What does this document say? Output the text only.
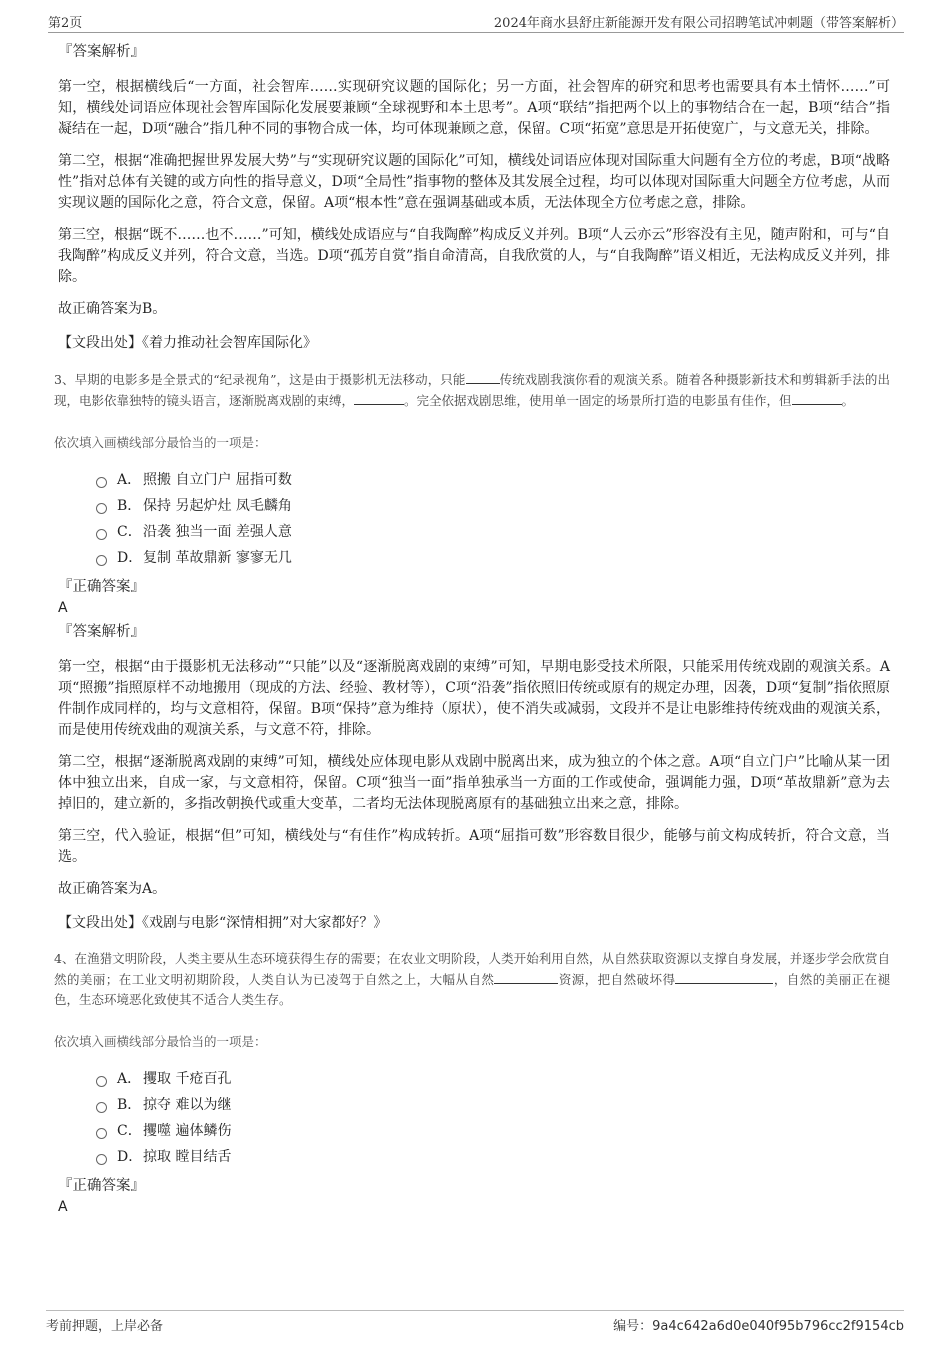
第2页	2024年商水县舒庄新能源开发有限公司招聘笔试冲刺题（带答案解析）
『答案解析』

第一空，根据横线后“一方面，社会智库……实现研究议题的国际化；另一方面，社会智库的研究和思考也需要具有本土情怀……”可知，横线处词语应体现社会智库国际化发展要兼顾“全球视野和本土思考”。A项“联结”指把两个以上的事物结合在一起，B项“结合”指凝结在一起，D项“融合”指几种不同的事物合成一体，均可体现兼顾之意，保留。C项“拓宽”意思是开拓使宽广，与文意无关，排除。

第二空，根据“准确把握世界发展大势”与“实现研究议题的国际化”可知，横线处词语应体现对国际重大问题有全方位的考虑，B项“战略性”指对总体有关键的或方向性的指导意义，D项“全局性”指事物的整体及其发展全过程，均可以体现对国际重大问题全方位考虑，从而实现议题的国际化之意，符合文意，保留。A项“根本性”意在强调基础或本质，无法体现全方位考虑之意，排除。

第三空，根据“既不……也不……”可知，横线处成语应与“自我陶醉”构成反义并列。B项“人云亦云”形容没有主见，随声附和，可与“自我陶醉”构成反义并列，符合文意，当选。D项“孤芳自赏”指自命清高，自我欣赏的人，与“自我陶醉”语义相近，无法构成反义并列，排除。

故正确答案为B。

【文段出处】《着力推动社会智库国际化》
3、早期的电影多是全景式的“纪录视角”，这是由于摄影机无法移动，只能	传统戏剧我演你看的观演关系。随着各种摄影新技术和剪辑新手法的出现，电影依靠独特的镜头语言，逐渐脱离戏剧的束缚，	。完全依据戏剧思维，使用单一固定的场景所打造的电影虽有佳作，但	。
依次填入画横线部分最恰当的一项是：
A． 照搬 自立门户 屈指可数
B． 保持 另起炉灶 凤毛麟角
C． 沿袭 独当一面 差强人意
D． 复制 革故鼎新 寥寥无几
『正确答案』
A
『答案解析』

第一空，根据“由于摄影机无法移动”“只能”以及“逐渐脱离戏剧的束缚”可知，早期电影受技术所限，只能采用传统戏剧的观演关系。A项“照搬”指照原样不动地搬用（现成的方法、经验、教材等），C项“沿袭”指依照旧传统或原有的规定办理，因袭，D项“复制”指依照原件制作成同样的，均与文意相符，保留。B项“保持”意为维持（原状），使不消失或减弱，文段并不是让电影维持传统戏曲的观演关系，而是使用传统戏曲的观演关系，与文意不符，排除。

第二空，根据“逐渐脱离戏剧的束缚”可知，横线处应体现电影从戏剧中脱离出来，成为独立的个体之意。A项“自立门户”比喻从某一团体中独立出来，自成一家，与文意相符，保留。C项“独当一面”指单独承当一方面的工作或使命，强调能力强，D项“革故鼎新”意为去掉旧的，建立新的，多指改朝换代或重大变革，二者均无法体现脱离原有的基础独立出来之意，排除。

第三空，代入验证，根据“但”可知，横线处与“有佳作”构成转折。A项“屈指可数”形容数目很少，能够与前文构成转折，符合文意，当选。

故正确答案为A。

【文段出处】《戏剧与电影“深情相拥”对大家都好？》
4、在渔猎文明阶段，人类主要从生态环境获得生存的需要；在农业文明阶段，人类开始利用自然，从自然获取资源以支撑自身发展，并逐步学会欣赏自然的美丽；在工业文明初期阶段，人类自认为已凌驾于自然之上，大幅从自然	资源，把自然破坏得	，自然的美丽正在褪色，生态环境恶化致使其不适合人类生存。
依次填入画横线部分最恰当的一项是：
A． 攫取 千疮百孔
B． 掠夺 难以为继
C． 攫噬 遍体鳞伤
D． 掠取 瞠目结舌
『正确答案』
A
考前押题，上岸必备	编号：9a4c642a6d0e040f95b796cc2f9154cb
